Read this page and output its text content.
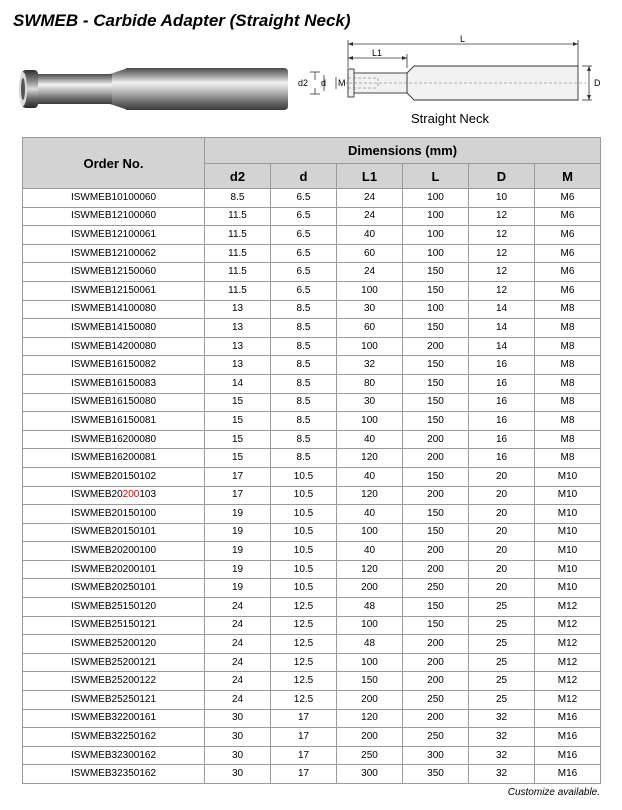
SWMEB - Carbide Adapter (Straight Neck)
L
L1
d2 d M	D
Straight Neck
Order No.	Dimensions (mm)					
	d2	d	L1	L	D	M
ISWMEB10100060	8.5	6.5	24	100	10	M6
ISWMEB12100060	11.5	6.5	24	100	12	M6
ISWMEB12100061	11.5	6.5	40	100	12	M6
ISWMEB12100062	11.5	6.5	60	100	12	M6
ISWMEB12150060	11.5	6.5	24	150	12	M6
ISWMEB12150061	11.5	6.5	100	150	12	M6
ISWMEB14100080	13	8.5	30	100	14	M8
ISWMEB14150080	13	8.5	60	150	14	M8
ISWMEB14200080	13	8.5	100	200	14	M8
ISWMEB16150082	13	8.5	32	150	16	M8
ISWMEB16150083	14	8.5	80	150	16	M8
ISWMEB16150080	15	8.5	30	150	16	M8
ISWMEB16150081	15	8.5	100	150	16	M8
ISWMEB16200080	15	8.5	40	200	16	M8
ISWMEB16200081	15	8.5	120	200	16	M8
ISWMEB20150102	17	10.5	40	150	20	M10
ISWMEB20200103	17	10.5	120	200	20	M10
ISWMEB20150100	19	10.5	40	150	20	M10
ISWMEB20150101	19	10.5	100	150	20	M10
ISWMEB20200100	19	10.5	40	200	20	M10
ISWMEB20200101	19	10.5	120	200	20	M10
ISWMEB20250101	19	10.5	200	250	20	M10
ISWMEB25150120	24	12.5	48	150	25	M12
ISWMEB25150121	24	12.5	100	150	25	M12
ISWMEB25200120	24	12.5	48	200	25	M12
ISWMEB25200121	24	12.5	100	200	25	M12
ISWMEB25200122	24	12.5	150	200	25	M12
ISWMEB25250121	24	12.5	200	250	25	M12
ISWMEB32200161	30	17	120	200	32	M16
ISWMEB32250162	30	17	200	250	32	M16
ISWMEB32300162	30	17	250	300	32	M16
ISWMEB32350162	30	17	300	350	32	M16
Customize available.
